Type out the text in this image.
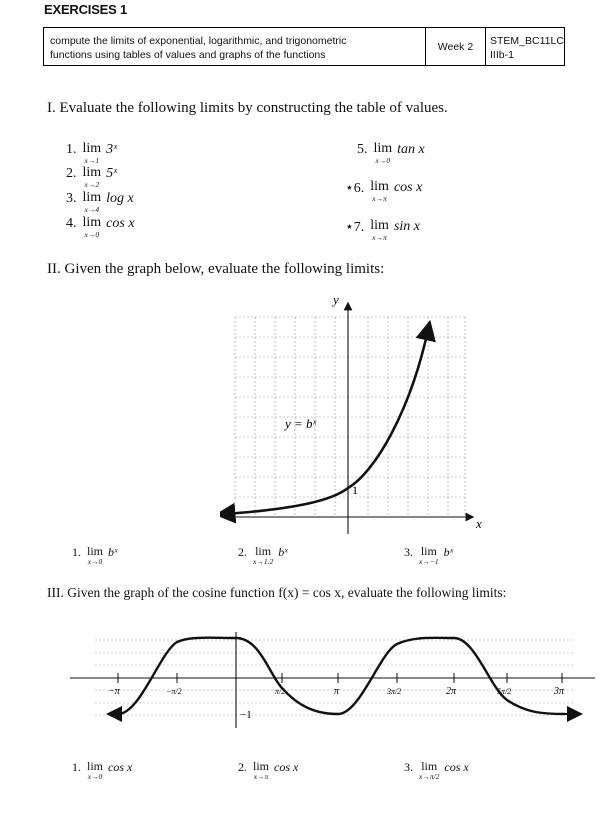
EXERCISES 1
compute the limits of exponential, logarithmic, and trigonometric
functions using tables of values and graphs of the functions
Week 2	STEM_BC11LC
IIIb-1
I. Evaluate the following limits by constructing the table of values.
1. lim
x→1
3ˣ
2. lim
x→2
5ˣ
3. lim
x→4
log x
4. lim
x→0
cos x
5. lim
x→0
tan x
⋆6. lim
x→π
cos x
⋆7. lim
x→π
sin x
II. Given the graph below, evaluate the following limits:
y
x
y = bˣ
1
1. lim
x→0
bˣ	2. lim
x→1.2
bˣ	3. lim
x→−1
bˣ
III. Given the graph of the cosine function f(x) = cos x, evaluate the following limits:
−π	−π/2	π/2	π	3π/2	2π	5π/2	3π
−1
1. lim
x→0
cos x	2. lim
x→π
cos x	3. lim
x→π/2
cos x
